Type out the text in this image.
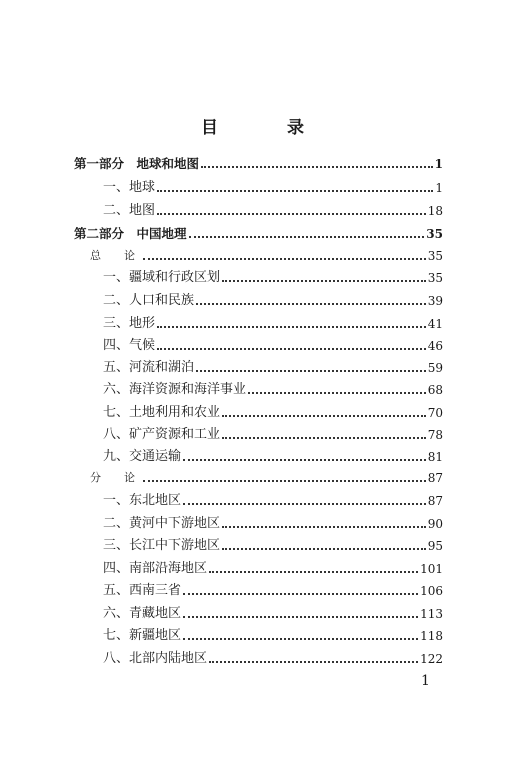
目　录
第一部分　地球和地图	1
一、地球	1
二、地图	18
第二部分　中国地理	35
总　论	35
一、疆域和行政区划	35
二、人口和民族	39
三、地形	41
四、气候	46
五、河流和湖泊	59
六、海洋资源和海洋事业	68
七、土地利用和农业	70
八、矿产资源和工业	78
九、交通运输	81
分　论	87
一、东北地区	87
二、黄河中下游地区	90
三、长江中下游地区	95
四、南部沿海地区	101
五、西南三省	106
六、青藏地区	113
七、新疆地区	118
八、北部内陆地区	122
1
